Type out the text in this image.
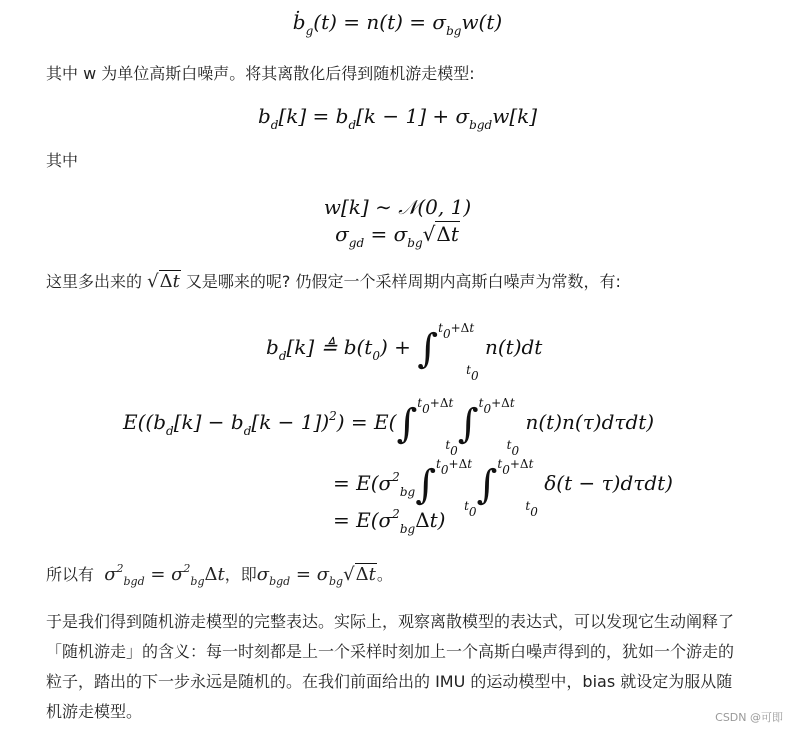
ḃ$_g$(t) = $n(t) = \sigma_{bg}w(t)$
其中 w 为单位高斯白噪声。将其离散化后得到随机游走模型:
$b_d[k] = b_d[k - 1] + \sigma_{bgd}w[k]$
其中
w[k] ∼ 𝒩(0, 1)
$\sigma_{gd} = \sigma_{bg}√\Delta t$
这里多出来的 √Δt 又是哪来的呢? 仍假定一个采样周期内高斯白噪声为常数，有:
$b_d[k]$ ≜ $b(t_0) + \int^{t_0+\Delta t}_{t_0}$ n(t)dt
$E((b_d[k] - b_d[k - 1])^2) = E(\int^{t_0+\Delta t}_{t_0}\int^{t_0+\Delta t}_{t_0}$ n(t)n(τ)dτdt)
= $E(\sigma^2_{bg}\int^{t_0+\Delta t}_{t_0}\int^{t_0+\Delta t}_{t_0}$ δ(t − τ)dτdt)
= $E(\sigma^2_{bg}\Delta t)$
所以有 $\sigma^2_{bgd} = \sigma^2_{bg}\Delta t$，即$\sigma_{bgd} = \sigma_{bg}√\Delta t$。
于是我们得到随机游走模型的完整表达。实际上，观察离散模型的表达式，可以发现它生动阐释了「随机游走」的含义：每一时刻都是上一个采样时刻加上一个高斯白噪声得到的，犹如一个游走的粒子，踏出的下一步永远是随机的。在我们前面给出的 IMU 的运动模型中，bias 就设定为服从随机游走模型。	CSDN @可即
